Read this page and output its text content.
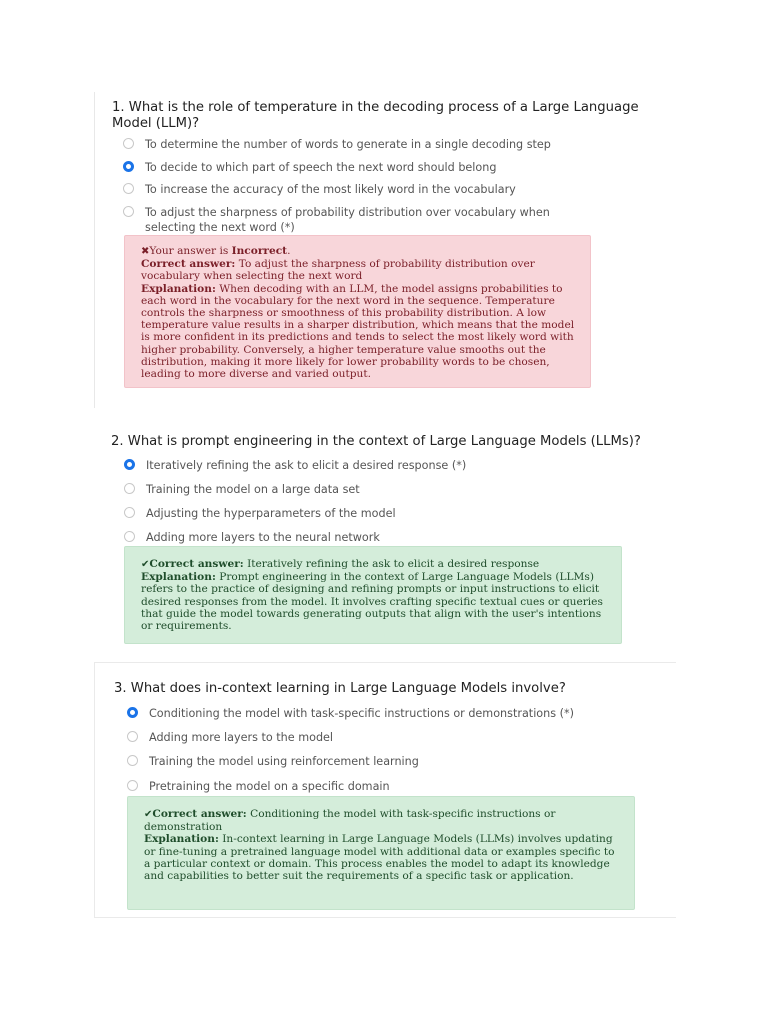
1. What is the role of temperature in the decoding process of a Large Language Model (LLM)?
To determine the number of words to generate in a single decoding step
To decide to which part of speech the next word should belong
To increase the accuracy of the most likely word in the vocabulary
To adjust the sharpness of probability distribution over vocabulary when selecting the next word (*)
✖Your answer is Incorrect.
Correct answer: To adjust the sharpness of probability distribution over vocabulary when selecting the next word
Explanation: When decoding with an LLM, the model assigns probabilities to each word in the vocabulary for the next word in the sequence. Temperature controls the sharpness or smoothness of this probability distribution. A low temperature value results in a sharper distribution, which means that the model is more confident in its predictions and tends to select the most likely word with higher probability. Conversely, a higher temperature value smooths out the distribution, making it more likely for lower probability words to be chosen, leading to more diverse and varied output.
2. What is prompt engineering in the context of Large Language Models (LLMs)?
Iteratively refining the ask to elicit a desired response (*)
Training the model on a large data set
Adjusting the hyperparameters of the model
Adding more layers to the neural network
✔Correct answer: Iteratively refining the ask to elicit a desired response
Explanation: Prompt engineering in the context of Large Language Models (LLMs) refers to the practice of designing and refining prompts or input instructions to elicit desired responses from the model. It involves crafting specific textual cues or queries that guide the model towards generating outputs that align with the user's intentions or requirements.
3. What does in-context learning in Large Language Models involve?
Conditioning the model with task-specific instructions or demonstrations (*)
Adding more layers to the model
Training the model using reinforcement learning
Pretraining the model on a specific domain
✔Correct answer: Conditioning the model with task-specific instructions or demonstration
Explanation: In-context learning in Large Language Models (LLMs) involves updating or fine-tuning a pretrained language model with additional data or examples specific to a particular context or domain. This process enables the model to adapt its knowledge and capabilities to better suit the requirements of a specific task or application.
